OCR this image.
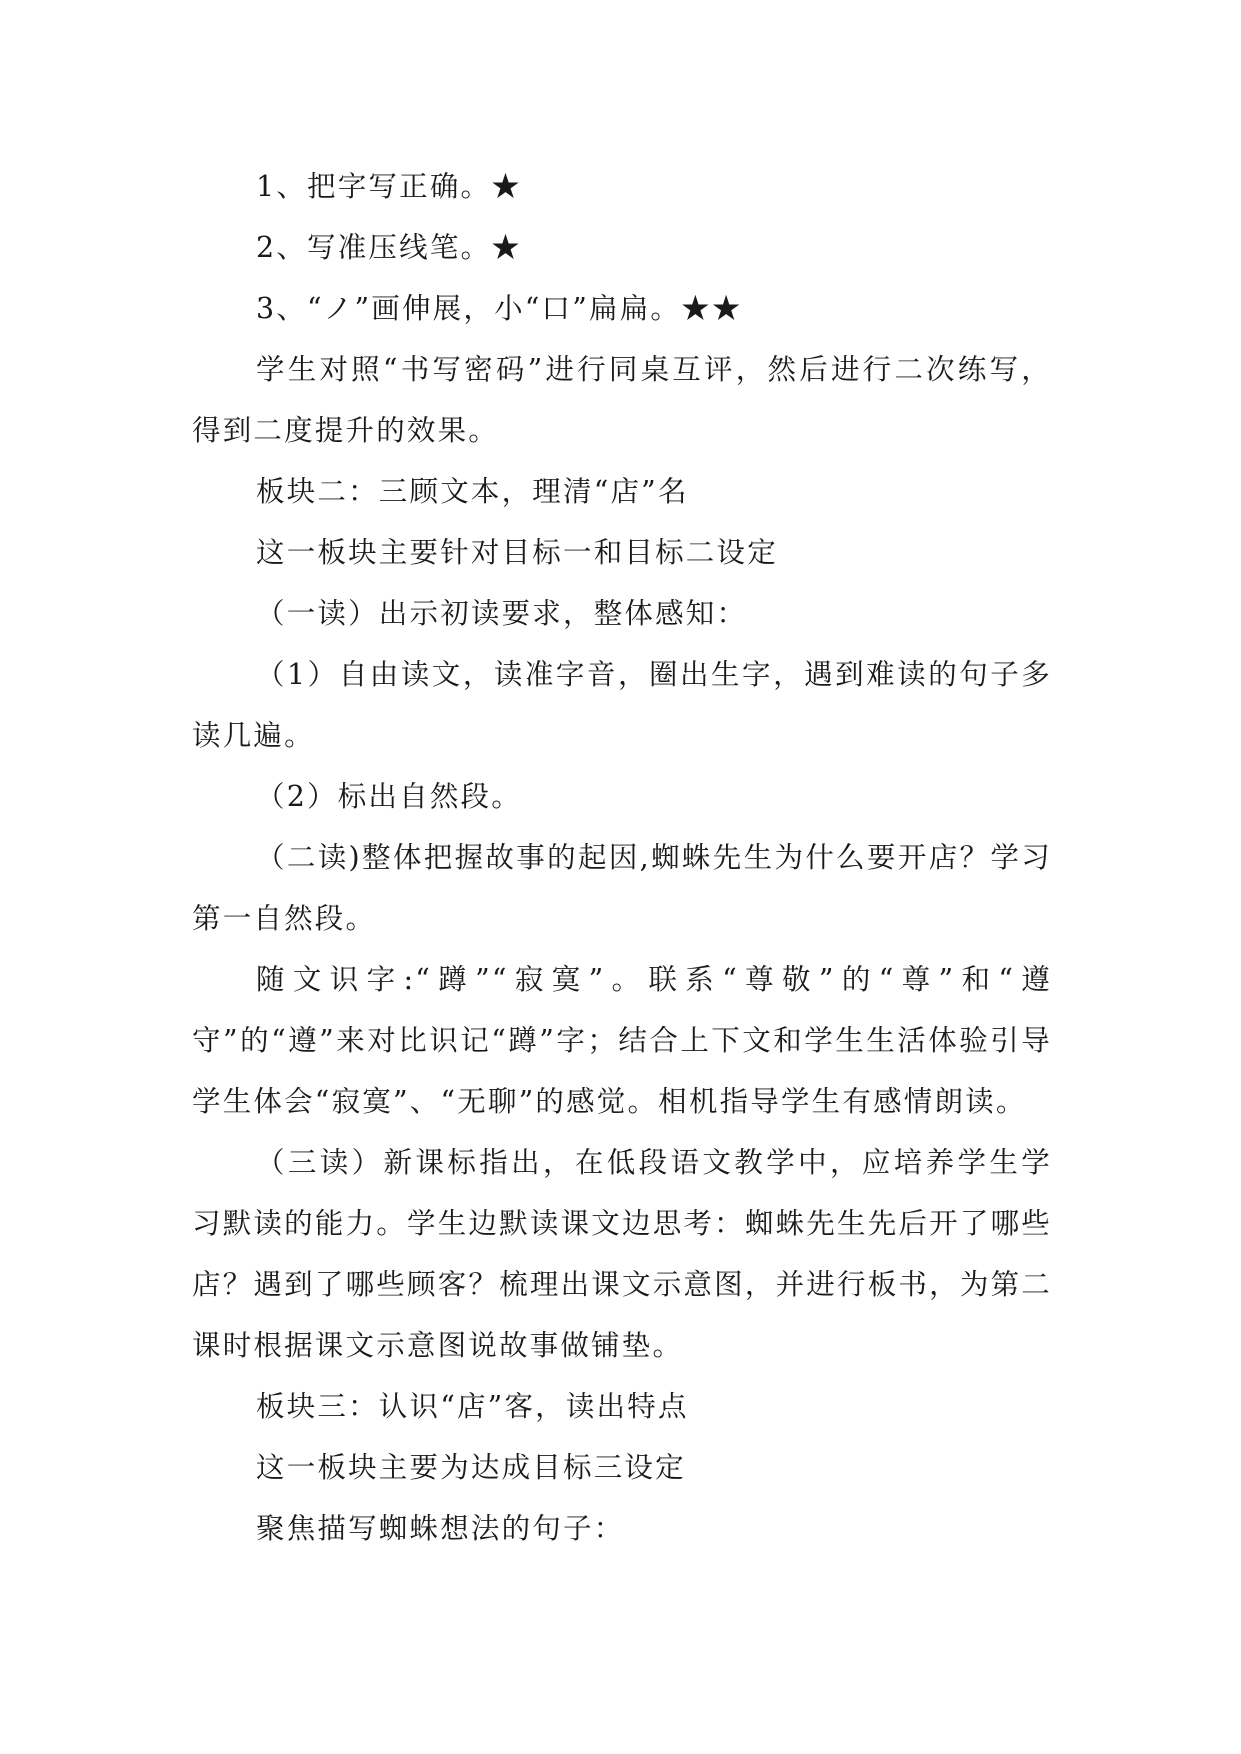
1、把字写正确。★

2、写准压线笔。★

3、“ノ”画伸展，小“口”扁扁。★★

学生对照“书写密码”进行同桌互评，然后进行二次练写，得到二度提升的效果。

板块二：三顾文本，理清“店”名

这一板块主要针对目标一和目标二设定

（一读）出示初读要求，整体感知：

（1）自由读文，读准字音，圈出生字，遇到难读的句子多读几遍。

（2）标出自然段。

（二读)整体把握故事的起因,蜘蛛先生为什么要开店？学习第一自然段。

随文识字:“蹲”“寂寞”。联系“尊敬”的“尊”和“遵守”的“遵”来对比识记“蹲”字；结合上下文和学生生活体验引导学生体会“寂寞”、“无聊”的感觉。相机指导学生有感情朗读。

（三读）新课标指出，在低段语文教学中，应培养学生学习默读的能力。学生边默读课文边思考：蜘蛛先生先后开了哪些店？遇到了哪些顾客？梳理出课文示意图，并进行板书，为第二课时根据课文示意图说故事做铺垫。

板块三：认识“店”客，读出特点

这一板块主要为达成目标三设定

聚焦描写蜘蛛想法的句子：
